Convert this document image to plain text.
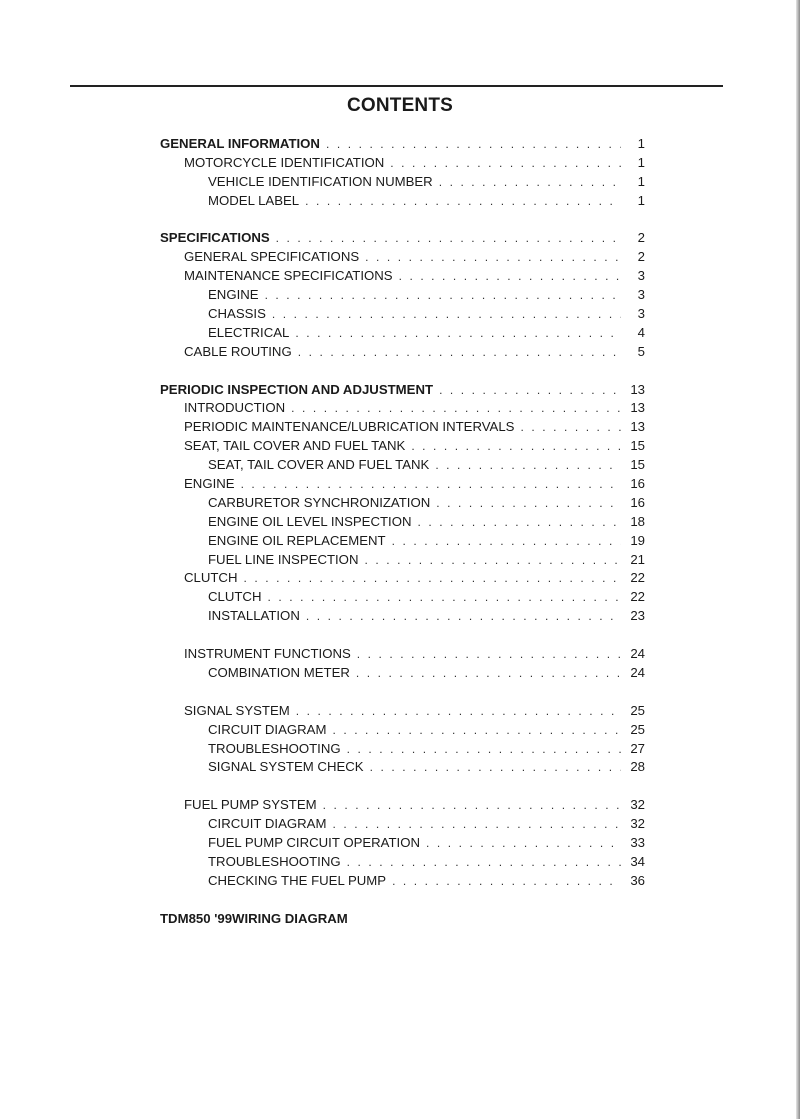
CONTENTS
GENERAL INFORMATION . . .	1
MOTORCYCLE IDENTIFICATION . . .	1
VEHICLE IDENTIFICATION NUMBER . . .	1
MODEL LABEL . . .	1
SPECIFICATIONS . . .	2
GENERAL SPECIFICATIONS . . .	2
MAINTENANCE SPECIFICATIONS . . .	3
ENGINE . . .	3
CHASSIS . . .	3
ELECTRICAL . . .	4
CABLE ROUTING . . .	5
PERIODIC INSPECTION AND ADJUSTMENT . . .	13
INTRODUCTION . . .	13
PERIODIC MAINTENANCE/LUBRICATION INTERVALS . . .	13
SEAT, TAIL COVER AND FUEL TANK . . .	15
SEAT, TAIL COVER AND FUEL TANK . . .	15
ENGINE . . .	16
CARBURETOR SYNCHRONIZATION . . .	16
ENGINE OIL LEVEL INSPECTION . . .	18
ENGINE OIL REPLACEMENT . . .	19
FUEL LINE INSPECTION . . .	21
CLUTCH . . .	22
CLUTCH . . .	22
INSTALLATION . . .	23
INSTRUMENT FUNCTIONS . . .	24
COMBINATION METER . . .	24
SIGNAL SYSTEM . . .	25
CIRCUIT DIAGRAM . . .	25
TROUBLESHOOTING . . .	27
SIGNAL SYSTEM CHECK . . .	28
FUEL PUMP SYSTEM . . .	32
CIRCUIT DIAGRAM . . .	32
FUEL PUMP CIRCUIT OPERATION . . .	33
TROUBLESHOOTING . . .	34
CHECKING THE FUEL PUMP . . .	36
TDM850 '99WIRING DIAGRAM
